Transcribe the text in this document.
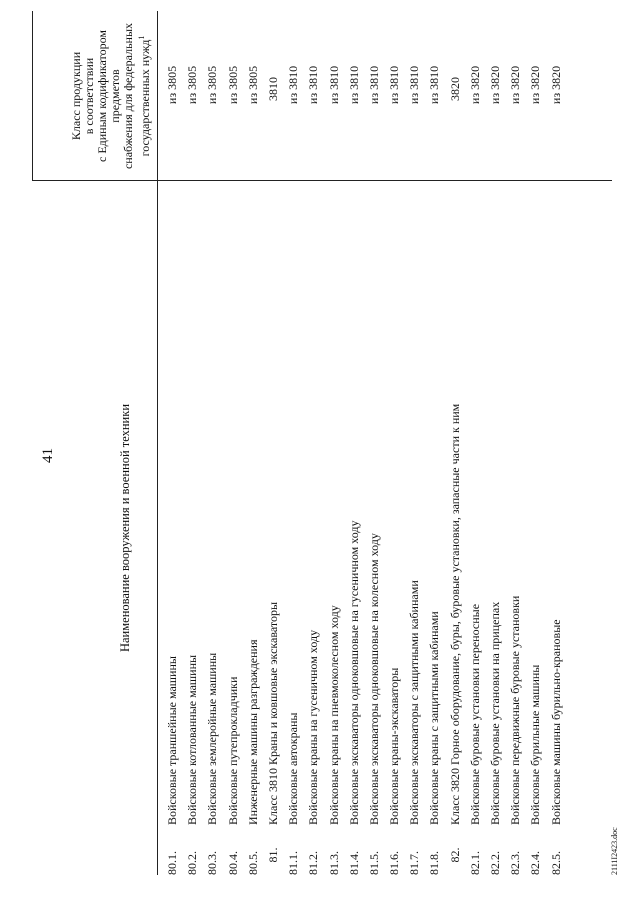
41	Наименование вооружения и военной техники
Класс продукции в соответствии с Единым кодификатором предметов снабжения для федеральных государственных нужд$^1$
80.1.
Войсковые траншейные машины
из 3805
80.2.
Войсковые котлованные машины
из 3805
80.3.
Войсковые землеройные машины
из 3805
80.4.
Войсковые путепрокладчики
из 3805
80.5.
Инженерные машины разграждения
из 3805
81.
Класс 3810 Краны и ковшовые экскаваторы
3810
81.1.
Войсковые автокраны
из 3810
81.2.
Войсковые краны на гусеничном ходу
из 3810
81.3.
Войсковые краны на пневмоколесном ходу
из 3810
81.4.
Войсковые экскаваторы одноковшовые на гусеничном ходу
из 3810
81.5.
Войсковые экскаваторы одноковшовые на колесном ходу
из 3810
81.6.
Войсковые краны-экскаваторы
из 3810
81.7.
Войсковые экскаваторы с защитными кабинами
из 3810
81.8.
Войсковые краны с защитными кабинами
из 3810
82.
Класс 3820 Горное оборудование, буры, буровые установки, запасные части к ним
3820
82.1.
Войсковые буровые установки переносные
из 3820
82.2.
Войсковые буровые установки на прицепах
из 3820
82.3.
Войсковые передвижные буровые установки
из 3820
82.4.
Войсковые бурильные машины
из 3820
82.5.
Войсковые машины бурильно-крановые
из 3820
2111I2423.doc
